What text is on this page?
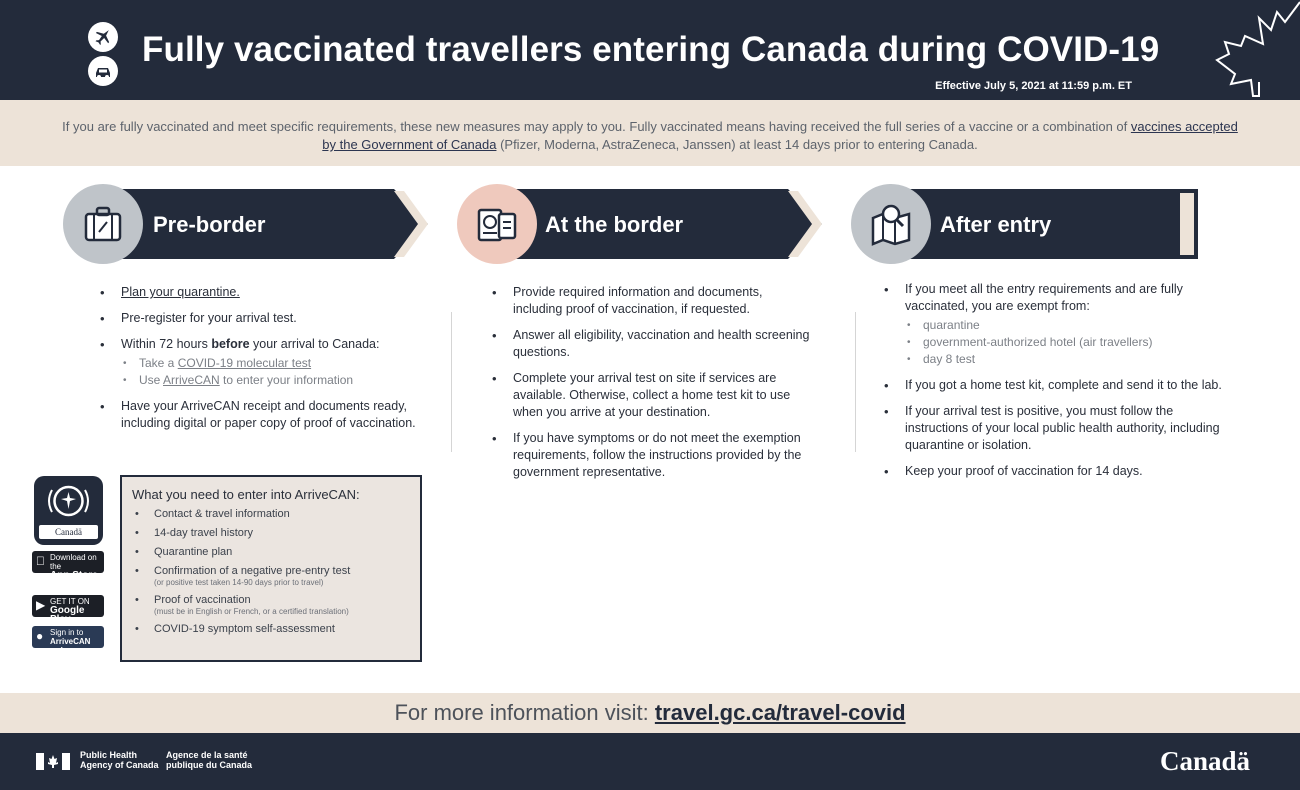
Fully vaccinated travellers entering Canada during COVID-19
Effective July 5, 2021 at 11:59 p.m. ET

If you are fully vaccinated and meet specific requirements, these new measures may apply to you. Fully vaccinated means having received the full series of a vaccine or a combination of vaccines accepted by the Government of Canada (Pfizer, Moderna, AstraZeneca, Janssen) at least 14 days prior to entering Canada.

Pre-border	At the border	After entry
• Plan your quarantine.
• Pre-register for your arrival test.
• Within 72 hours before your arrival to Canada:
• Take a COVID-19 molecular test
• Use ArriveCAN to enter your information
• Have your ArriveCAN receipt and documents ready, including digital or paper copy of proof of vaccination.
• Provide required information and documents, including proof of vaccination, if requested.
• Answer all eligibility, vaccination and health screening questions.
• Complete your arrival test on site if services are available. Otherwise, collect a home test kit to use when you arrive at your destination.
• If you have symptoms or do not meet the exemption requirements, follow the instructions provided by the government representative.
• If you meet all the entry requirements and are fully vaccinated, you are exempt from:
• quarantine
• government-authorized hotel (air travellers)
• day 8 test
• If you got a home test kit, complete and send it to the lab.
• If your arrival test is positive, you must follow the instructions of your local public health authority, including quarantine or isolation.
• Keep your proof of vaccination for 14 days.
Canadä
Download on the
App Store
▶ GET IT ON
Google Play
● Sign in to
ArriveCAN web
What you need to enter into ArriveCAN:
• Contact & travel information
• 14-day travel history
• Quarantine plan
• Confirmation of a negative pre-entry test
(or positive test taken 14-90 days prior to travel)
• Proof of vaccination
(must be in English or French, or a certified translation)
• COVID-19 symptom self-assessment
For more information visit: travel.gc.ca/travel-covid
Public Health
Agency of Canada
Agence de la santé
publique du Canada	Canadä
